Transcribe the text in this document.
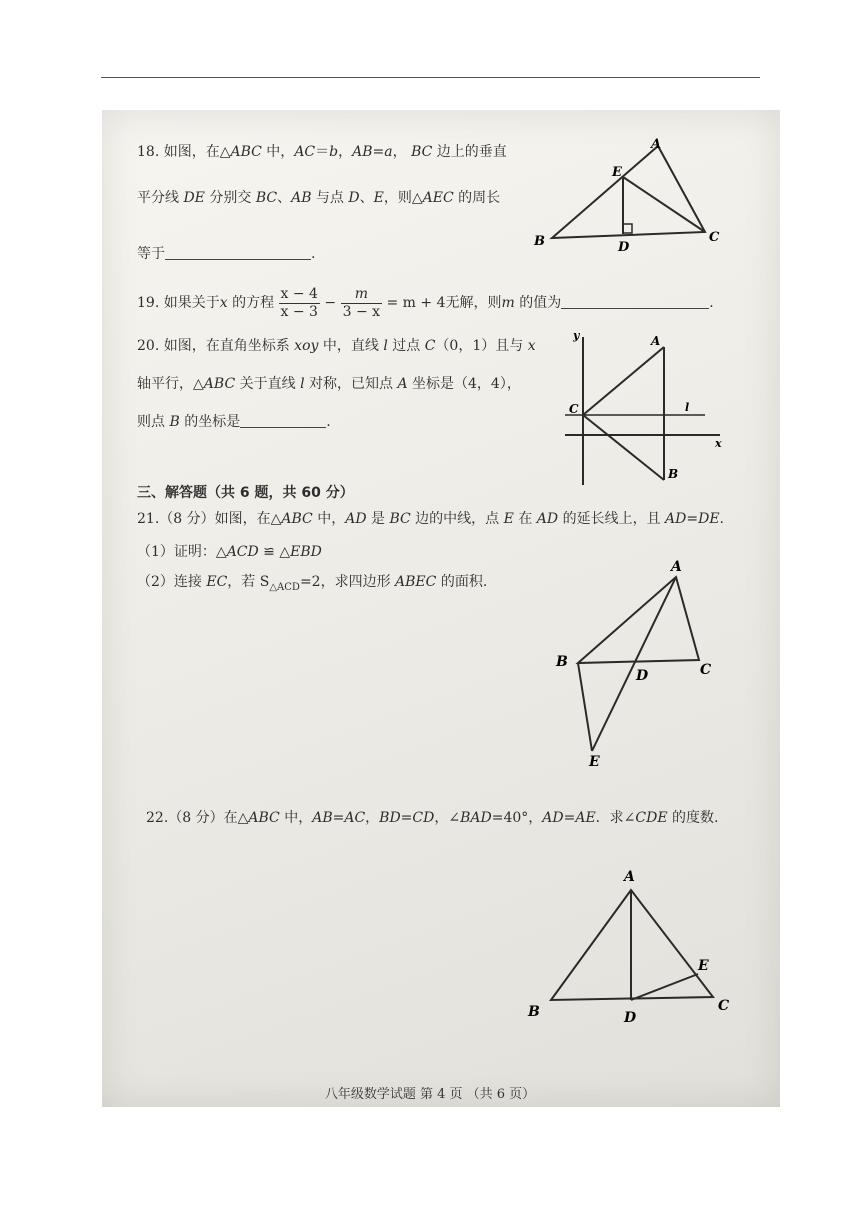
18. 如图，在△ABC 中，AC＝b，AB=a， BC 边上的垂直
平分线 DE 分别交 BC、AB 与点 D、E，则△AEC 的周长
等于	.
A
B	C
D
E
19. 如果关于x 的方程 $\frac{x - 4}{x - 3} - \frac{m}{3 - x} = m + 4$无解，则m 的值为	.
20. 如图，在直角坐标系 xoy 中，直线 l 过点 C（0，1）且与 x
轴平行，△ABC 关于直线 l 对称，已知点 A 坐标是（4，4），
则点 B 的坐标是	.
y
x
l
A
B
C
三、解答题（共 6 题，共 60 分）
21.（8 分）如图，在△ABC 中，AD 是 BC 边的中线，点 E 在 AD 的延长线上，且 AD=DE.
（1）证明：△ACD ≌ △EBD
（2）连接 EC，若 $S_{\triangle ACD}=2$，求四边形 ABEC 的面积.
A
B	C
D
E
22.（8 分）在△ABC 中，AB=AC，BD=CD，∠BAD=40°，AD=AE．求∠CDE 的度数.
A
B	C
D
E
八年级数学试题 第 4 页 （共 6 页）
